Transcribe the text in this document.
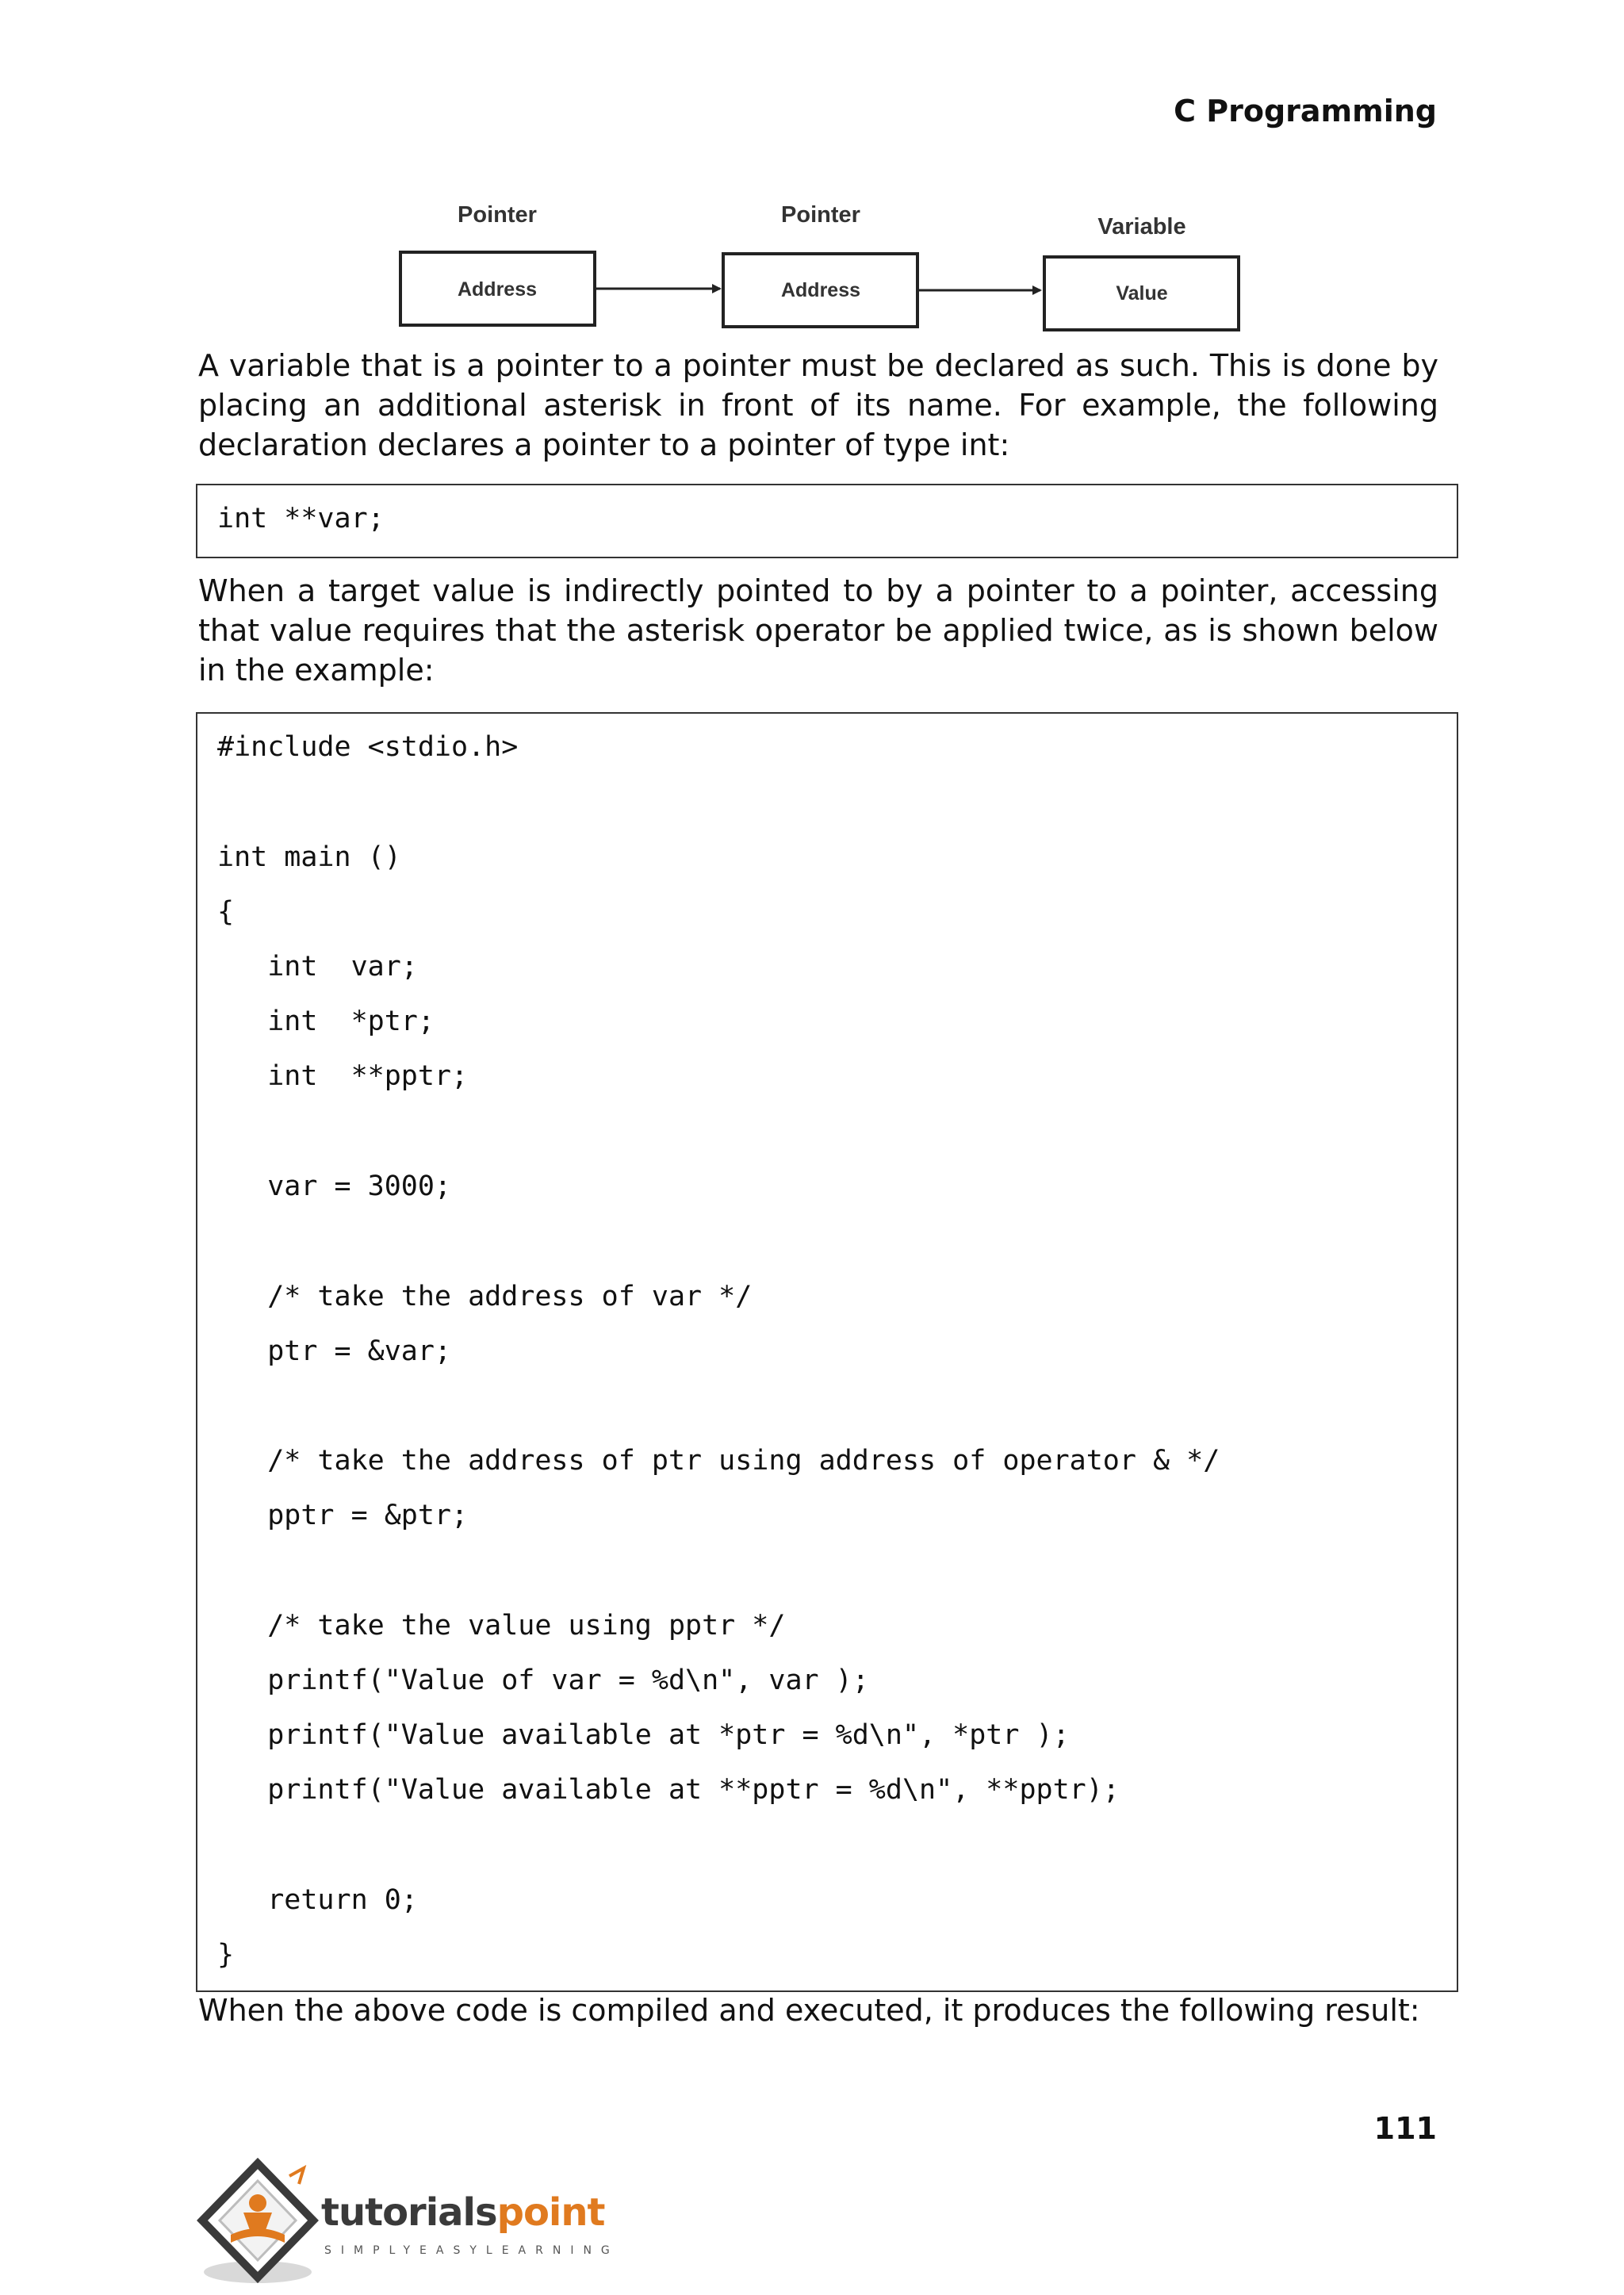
C Programming
Pointer
Address
Pointer
Address
Variable
Value

A variable that is a pointer to a pointer must be declared as such. This is done by placing an additional asterisk in front of its name. For example, the following declaration declares a pointer to a pointer of type int:

int **var;

When a target value is indirectly pointed to by a pointer to a pointer, accessing that value requires that the asterisk operator be applied twice, as is shown below in the example:

#include <stdio.h>
int main ()
{
int  var;
int  *ptr;
int  **pptr;
var = 3000;
/* take the address of var */
ptr = &var;
/* take the address of ptr using address of operator & */
pptr = &ptr;
/* take the value using pptr */
printf("Value of var = %d\n", var );
printf("Value available at *ptr = %d\n", *ptr );
printf("Value available at **pptr = %d\n", **pptr);
return 0;
}

When the above code is compiled and executed, it produces the following result:

111
tutorialspoint
SIMPLYEASYLEARNING
